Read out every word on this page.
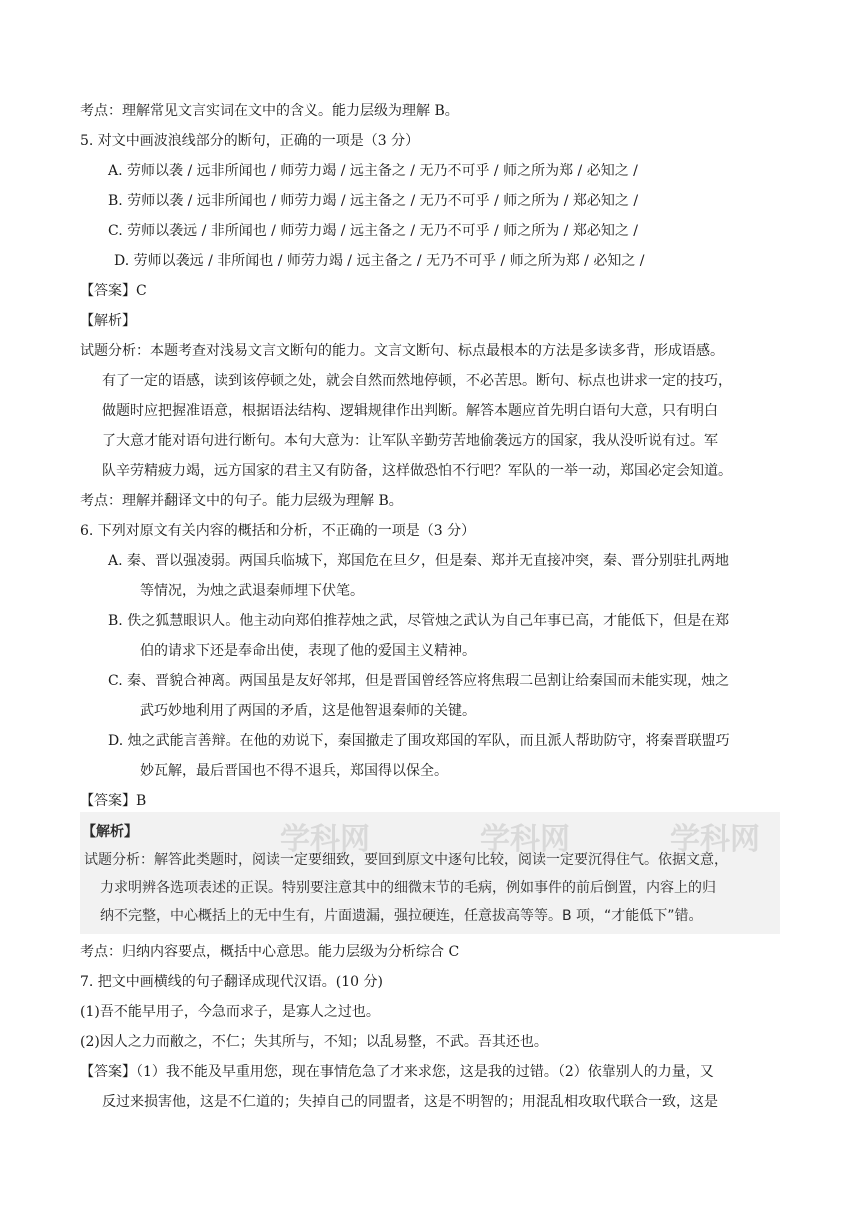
考点：理解常见文言实词在文中的含义。能力层级为理解 B。
5. 对文中画波浪线部分的断句，正确的一项是（3 分）
A. 劳师以袭 / 远非所闻也 / 师劳力竭 / 远主备之 / 无乃不可乎 / 师之所为郑 / 必知之 /
B. 劳师以袭 / 远非所闻也 / 师劳力竭 / 远主备之 / 无乃不可乎 / 师之所为 / 郑必知之 /
C. 劳师以袭远 / 非所闻也 / 师劳力竭 / 远主备之 / 无乃不可乎 / 师之所为 / 郑必知之 /
D. 劳师以袭远 / 非所闻也 / 师劳力竭 / 远主备之 / 无乃不可乎 / 师之所为郑 / 必知之 /
【答案】C
【解析】
试题分析：本题考查对浅易文言文断句的能力。文言文断句、标点最根本的方法是多读多背，形成语感。
有了一定的语感，读到该停顿之处，就会自然而然地停顿，不必苦思。断句、标点也讲求一定的技巧，
做题时应把握准语意，根据语法结构、逻辑规律作出判断。解答本题应首先明白语句大意，只有明白
了大意才能对语句进行断句。本句大意为：让军队辛勤劳苦地偷袭远方的国家，我从没听说有过。军
队辛劳精疲力竭，远方国家的君主又有防备，这样做恐怕不行吧？军队的一举一动，郑国必定会知道。
考点：理解并翻译文中的句子。能力层级为理解 B。
6. 下列对原文有关内容的概括和分析，不正确的一项是（3 分）
A. 秦、晋以强凌弱。两国兵临城下，郑国危在旦夕，但是秦、郑并无直接冲突，秦、晋分别驻扎两地
等情况，为烛之武退秦师埋下伏笔。
B. 佚之狐慧眼识人。他主动向郑伯推荐烛之武，尽管烛之武认为自己年事已高，才能低下，但是在郑
伯的请求下还是奉命出使，表现了他的爱国主义精神。
C. 秦、晋貌合神离。两国虽是友好邻邦，但是晋国曾经答应将焦瑕二邑割让给秦国而未能实现，烛之
武巧妙地利用了两国的矛盾，这是他智退秦师的关键。
D. 烛之武能言善辩。在他的劝说下，秦国撤走了围攻郑国的军队，而且派人帮助防守，将秦晋联盟巧
妙瓦解，最后晋国也不得不退兵，郑国得以保全。
【答案】B
学科网	学科网	学科网
【解析】
试题分析：解答此类题时，阅读一定要细致，要回到原文中逐句比较，阅读一定要沉得住气。依据文意，
力求明辨各选项表述的正误。特别要注意其中的细微末节的毛病，例如事件的前后倒置，内容上的归
纳不完整，中心概括上的无中生有，片面遗漏，强拉硬连，任意拔高等等。B 项，“才能低下”错。
考点：归纳内容要点，概括中心意思。能力层级为分析综合 C
7. 把文中画横线的句子翻译成现代汉语。(10 分)
(1)吾不能早用子，今急而求子，是寡人之过也。
(2)因人之力而敝之，不仁；失其所与，不知；以乱易整，不武。吾其还也。
【答案】（1）我不能及早重用您，现在事情危急了才来求您，这是我的过错。（2）依靠别人的力量，又
反过来损害他，这是不仁道的；失掉自己的同盟者，这是不明智的；用混乱相攻取代联合一致，这是
